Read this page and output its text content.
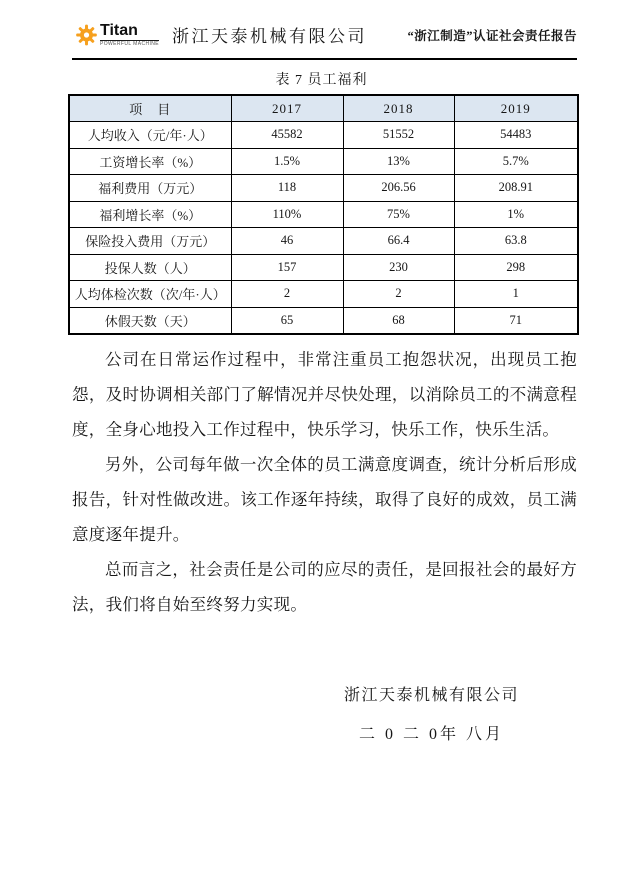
Titan
POWERFUL MACHINE 浙江天泰机械有限公司	“浙江制造”认证社会责任报告
表 7 员工福利
项　目	2017	2018	2019
人均收入（元/年·人）	45582	51552	54483
工资增长率（%）	1.5%	13%	5.7%
福利费用（万元）	118	206.56	208.91
福利增长率（%）	110%	75%	1%
保险投入费用（万元）	46	66.4	63.8
投保人数（人）	157	230	298
人均体检次数（次/年·人）	2	2	1
休假天数（天）	65	68	71

公司在日常运作过程中，非常注重员工抱怨状况，出现员工抱怨，及时协调相关部门了解情况并尽快处理，以消除员工的不满意程度，全身心地投入工作过程中，快乐学习，快乐工作，快乐生活。

另外，公司每年做一次全体的员工满意度调查，统计分析后形成报告，针对性做改进。该工作逐年持续，取得了良好的成效，员工满意度逐年提升。

总而言之，社会责任是公司的应尽的责任，是回报社会的最好方法，我们将自始至终努力实现。

浙江天泰机械有限公司
二 0 二 0年 八月
